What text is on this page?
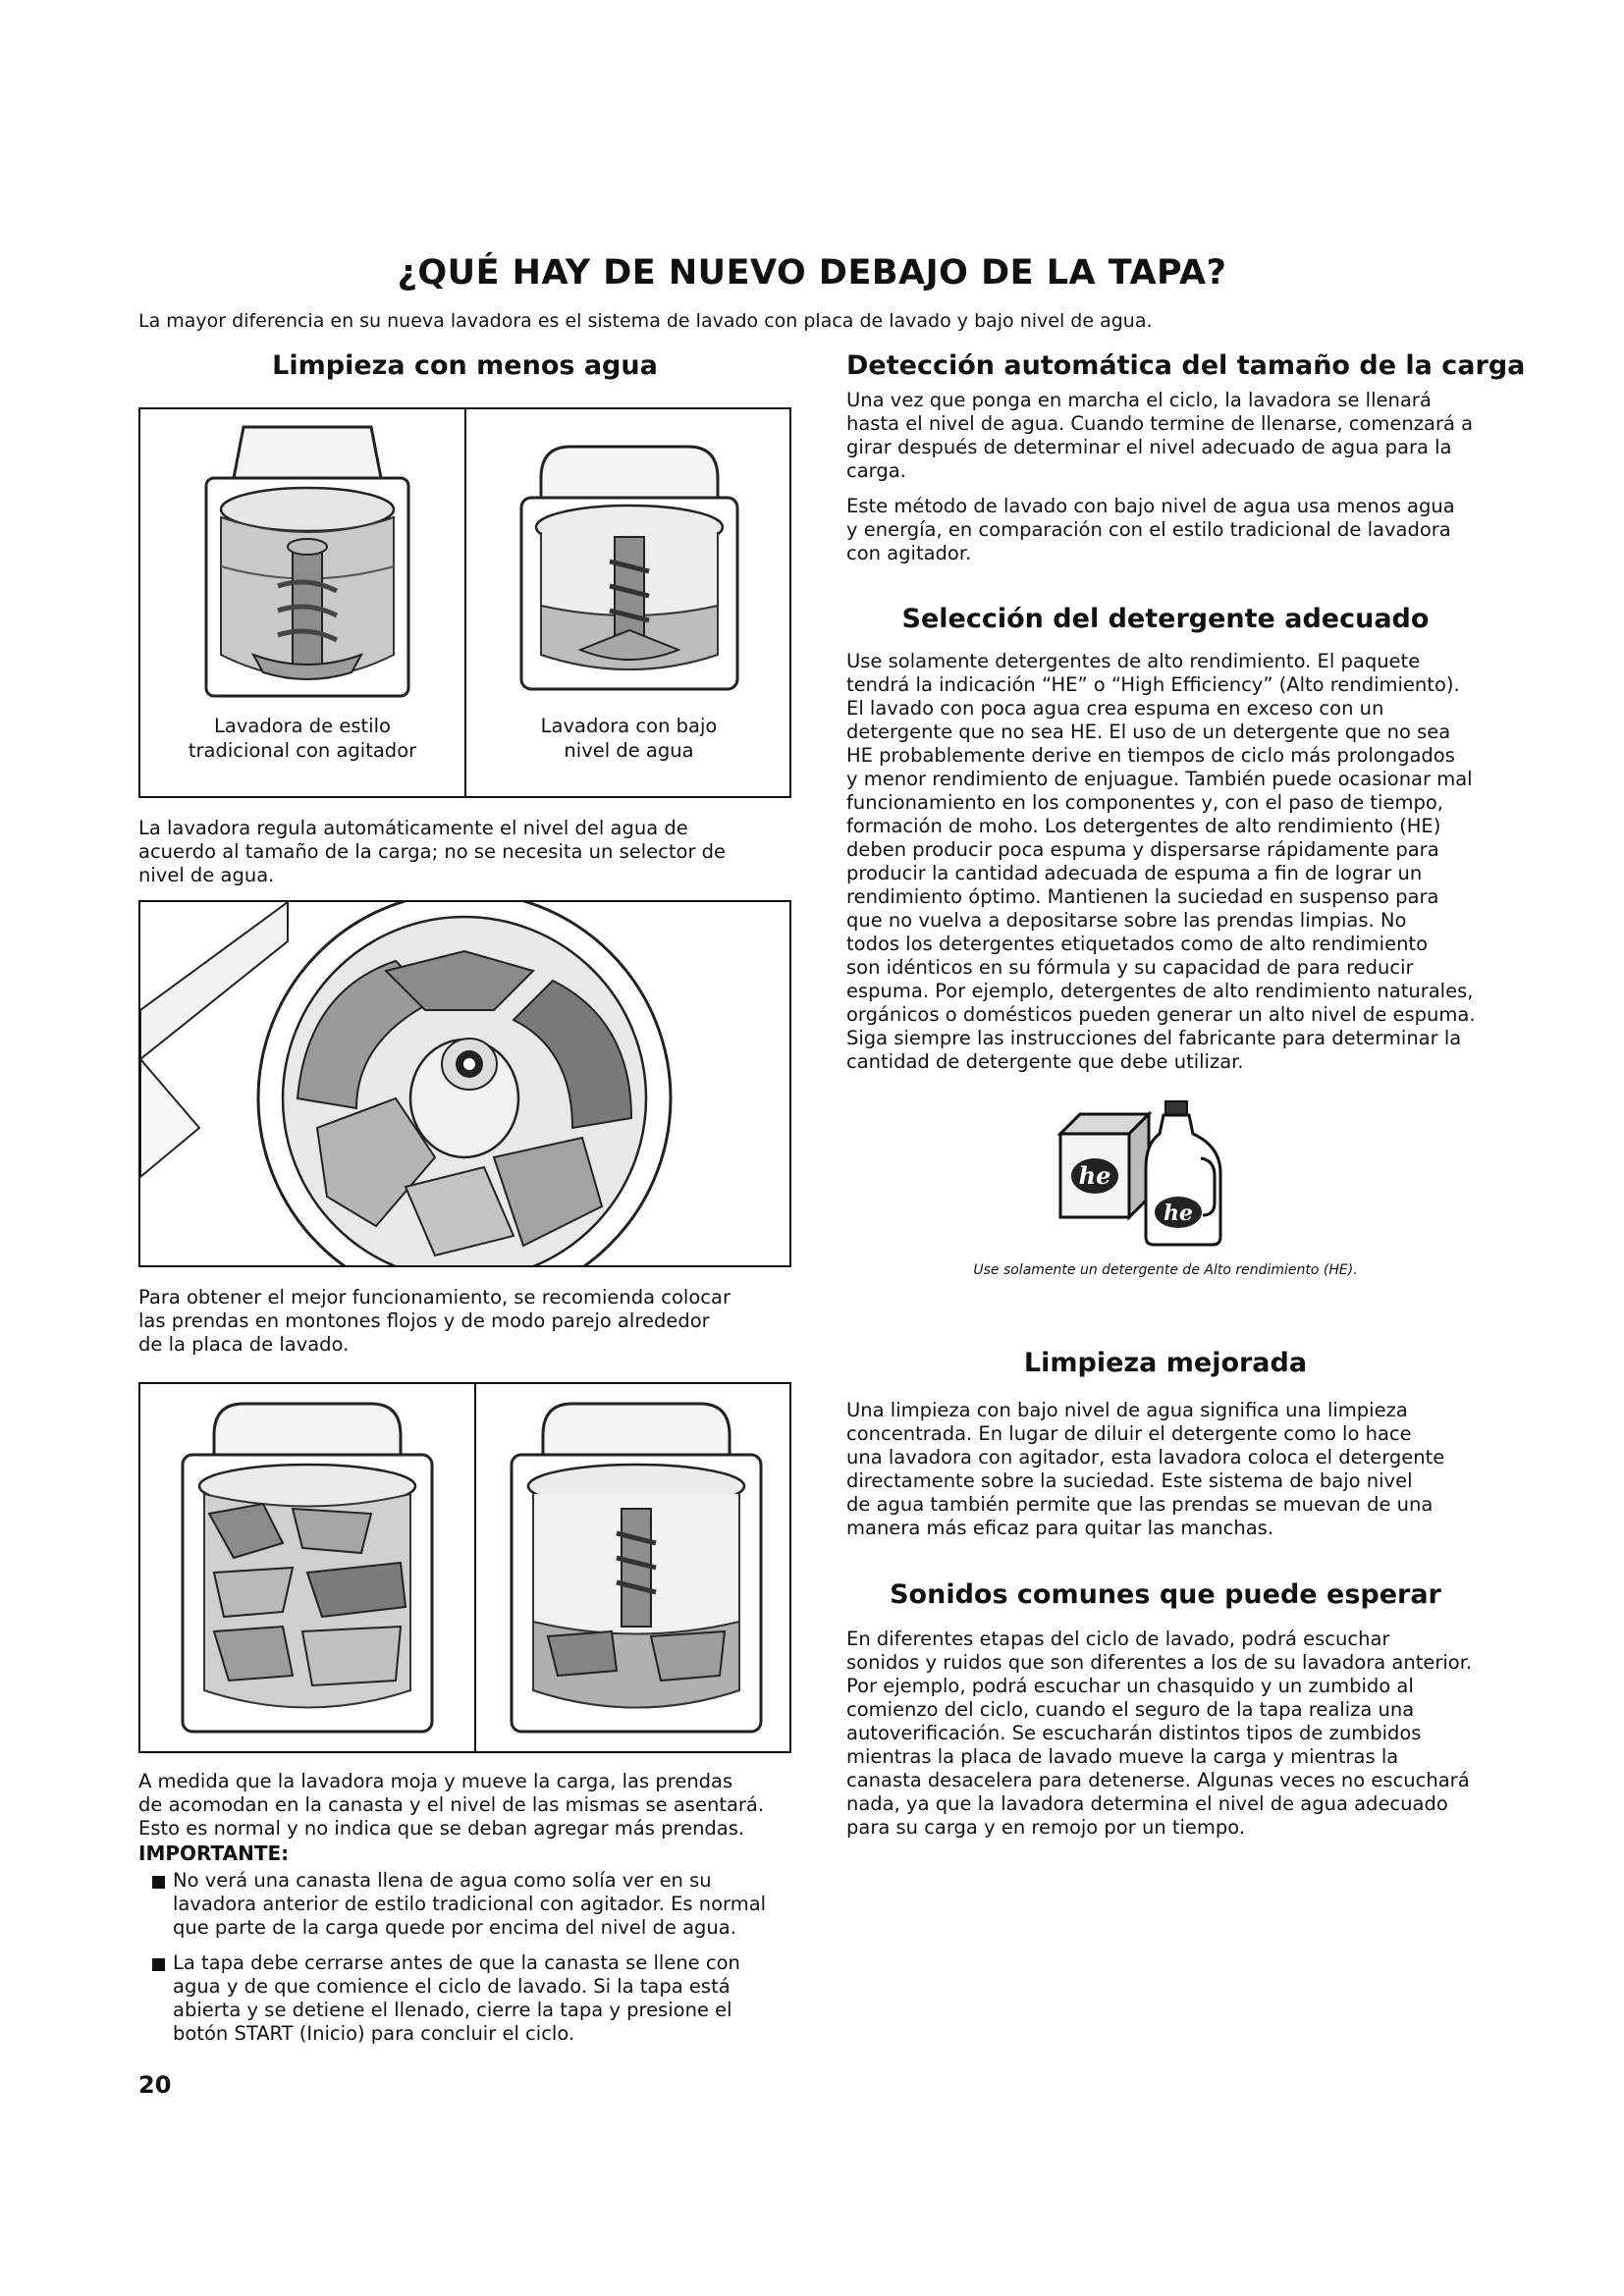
¿QUÉ HAY DE NUEVO DEBAJO DE LA TAPA?

La mayor diferencia en su nueva lavadora es el sistema de lavado con placa de lavado y bajo nivel de agua.

Limpieza con menos agua
Lavadora de estilo
tradicional con agitador
Lavadora con bajo
nivel de agua
La lavadora regula automáticamente el nivel del agua de
acuerdo al tamaño de la carga; no se necesita un selector de
nivel de agua.
Para obtener el mejor funcionamiento, se recomienda colocar
las prendas en montones flojos y de modo parejo alrededor
de la placa de lavado.
A medida que la lavadora moja y mueve la carga, las prendas
de acomodan en la canasta y el nivel de las mismas se asentará.
Esto es normal y no indica que se deban agregar más prendas.

IMPORTANTE:

No verá una canasta llena de agua como solía ver en su
lavadora anterior de estilo tradicional con agitador. Es normal
que parte de la carga quede por encima del nivel de agua.
La tapa debe cerrarse antes de que la canasta se llene con
agua y de que comience el ciclo de lavado. Si la tapa está
abierta y se detiene el llenado, cierre la tapa y presione el
botón START (Inicio) para concluir el ciclo.
Detección automática del tamaño de la carga
Una vez que ponga en marcha el ciclo, la lavadora se llenará
hasta el nivel de agua. Cuando termine de llenarse, comenzará a
girar después de determinar el nivel adecuado de agua para la
carga.
Este método de lavado con bajo nivel de agua usa menos agua
y energía, en comparación con el estilo tradicional de lavadora
con agitador.
Selección del detergente adecuado
Use solamente detergentes de alto rendimiento. El paquete
tendrá la indicación “HE” o “High Efficiency” (Alto rendimiento).
El lavado con poca agua crea espuma en exceso con un
detergente que no sea HE. El uso de un detergente que no sea
HE probablemente derive en tiempos de ciclo más prolongados
y menor rendimiento de enjuague. También puede ocasionar mal
funcionamiento en los componentes y, con el paso de tiempo,
formación de moho. Los detergentes de alto rendimiento (HE)
deben producir poca espuma y dispersarse rápidamente para
producir la cantidad adecuada de espuma a fin de lograr un
rendimiento óptimo. Mantienen la suciedad en suspenso para
que no vuelva a depositarse sobre las prendas limpias. No
todos los detergentes etiquetados como de alto rendimiento
son idénticos en su fórmula y su capacidad de para reducir
espuma. Por ejemplo, detergentes de alto rendimiento naturales,
orgánicos o domésticos pueden generar un alto nivel de espuma.
Siga siempre las instrucciones del fabricante para determinar la
cantidad de detergente que debe utilizar.
he
he
Use solamente un detergente de Alto rendimiento (HE).
Limpieza mejorada
Una limpieza con bajo nivel de agua significa una limpieza
concentrada. En lugar de diluir el detergente como lo hace
una lavadora con agitador, esta lavadora coloca el detergente
directamente sobre la suciedad. Este sistema de bajo nivel
de agua también permite que las prendas se muevan de una
manera más eficaz para quitar las manchas.
Sonidos comunes que puede esperar
En diferentes etapas del ciclo de lavado, podrá escuchar
sonidos y ruidos que son diferentes a los de su lavadora anterior.
Por ejemplo, podrá escuchar un chasquido y un zumbido al
comienzo del ciclo, cuando el seguro de la tapa realiza una
autoverificación. Se escucharán distintos tipos de zumbidos
mientras la placa de lavado mueve la carga y mientras la
canasta desacelera para detenerse. Algunas veces no escuchará
nada, ya que la lavadora determina el nivel de agua adecuado
para su carga y en remojo por un tiempo.

20
